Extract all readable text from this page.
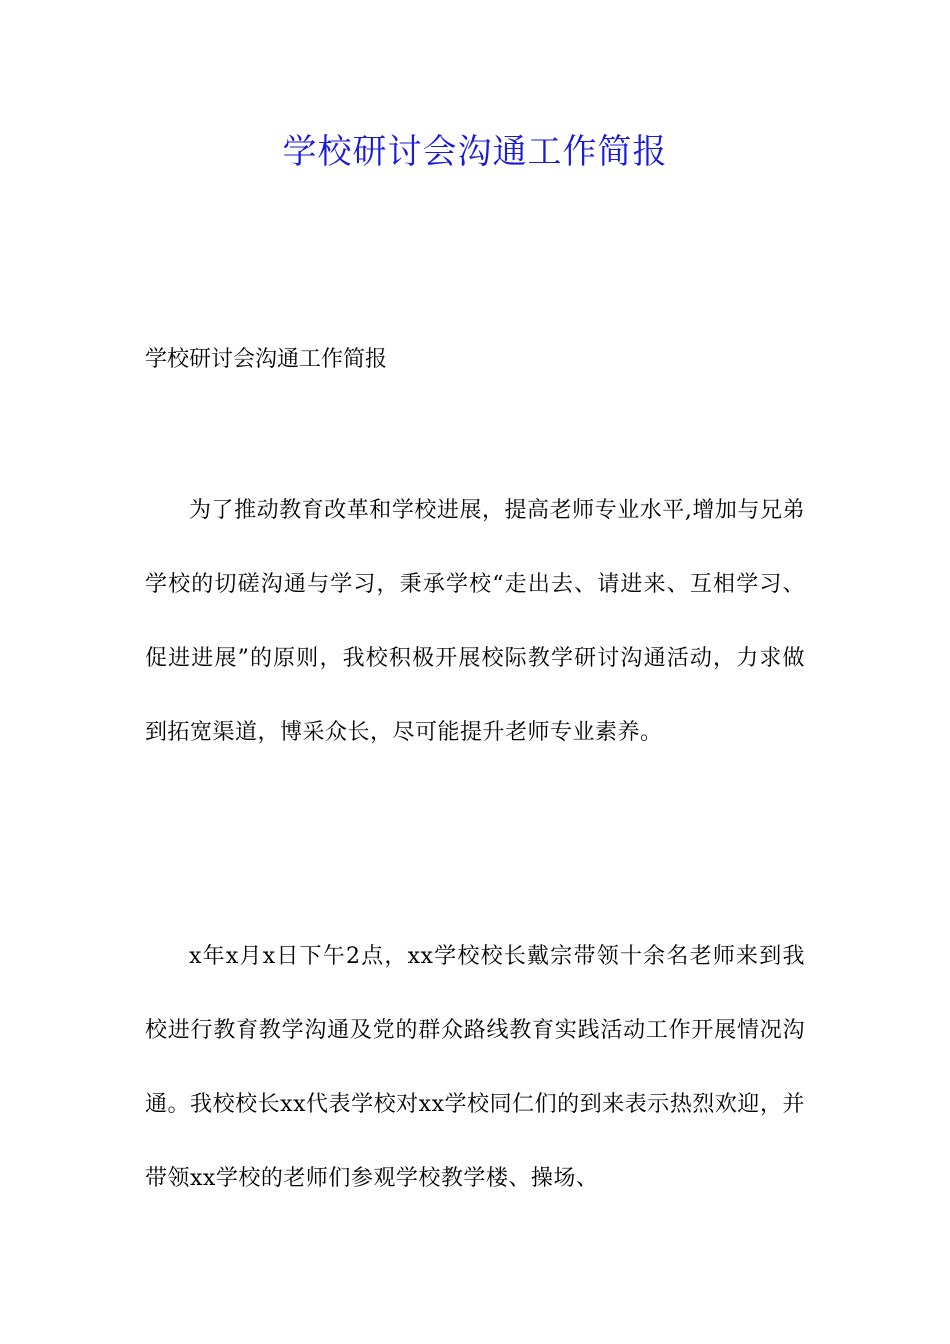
学校研讨会沟通工作简报

学校研讨会沟通工作简报

为了推动教育改革和学校进展，提高老师专业水平,增加与兄弟学校的切磋沟通与学习，秉承学校“走出去、请进来、互相学习、促进进展”的原则，我校积极开展校际教学研讨沟通活动，力求做到拓宽渠道，博采众长，尽可能提升老师专业素养。

x年x月x日下午2点，xx学校校长戴宗带领十余名老师来到我校进行教育教学沟通及党的群众路线教育实践活动工作开展情况沟通。我校校长xx代表学校对xx学校同仁们的到来表示热烈欢迎，并带领xx学校的老师们参观学校教学楼、操场、
